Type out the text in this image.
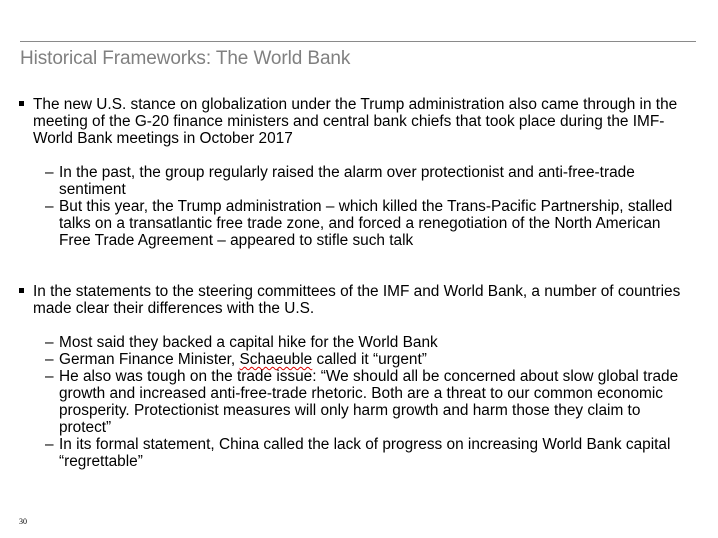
Historical Frameworks: The World Bank
The new U.S. stance on globalization under the Trump administration also came through in the meeting of the G-20 finance ministers and central bank chiefs that took place during the IMF-World Bank meetings in October 2017
– In the past, the group regularly raised the alarm over protectionist and anti-free-trade sentiment
– But this year, the Trump administration – which killed the Trans-Pacific Partnership, stalled talks on a transatlantic free trade zone, and forced a renegotiation of the North American Free Trade Agreement – appeared to stifle such talk
In the statements to the steering committees of the IMF and World Bank, a number of countries made clear their differences with the U.S.
– Most said they backed a capital hike for the World Bank
– German Finance Minister, Schaeuble called it “urgent”
– He also was tough on the trade issue: “We should all be concerned about slow global trade growth and increased anti-free-trade rhetoric. Both are a threat to our common economic prosperity. Protectionist measures will only harm growth and harm those they claim to protect”
– In its formal statement, China called the lack of progress on increasing World Bank capital “regrettable”
30
